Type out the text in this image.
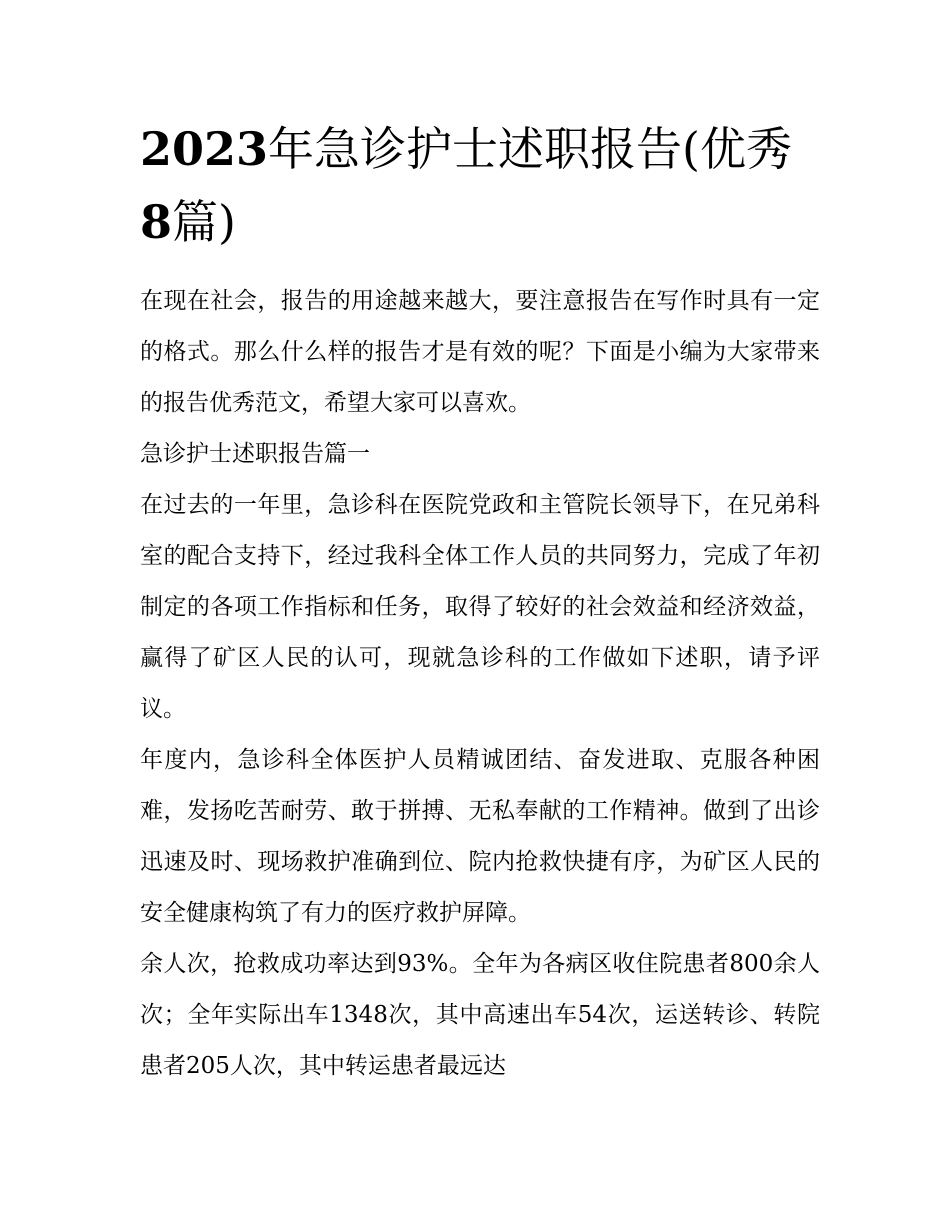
2023年急诊护士述职报告(优秀8篇)

在现在社会，报告的用途越来越大，要注意报告在写作时具有一定的格式。那么什么样的报告才是有效的呢？下面是小编为大家带来的报告优秀范文，希望大家可以喜欢。

急诊护士述职报告篇一

在过去的一年里，急诊科在医院党政和主管院长领导下，在兄弟科室的配合支持下，经过我科全体工作人员的共同努力，完成了年初制定的各项工作指标和任务，取得了较好的社会效益和经济效益，赢得了矿区人民的认可，现就急诊科的工作做如下述职，请予评议。

年度内，急诊科全体医护人员精诚团结、奋发进取、克服各种困难，发扬吃苦耐劳、敢于拼搏、无私奉献的工作精神。做到了出诊迅速及时、现场救护准确到位、院内抢救快捷有序，为矿区人民的安全健康构筑了有力的医疗救护屏障。

余人次，抢救成功率达到93%。全年为各病区收住院患者800余人次；全年实际出车1348次，其中高速出车54次，运送转诊、转院患者205人次，其中转运患者最远达
